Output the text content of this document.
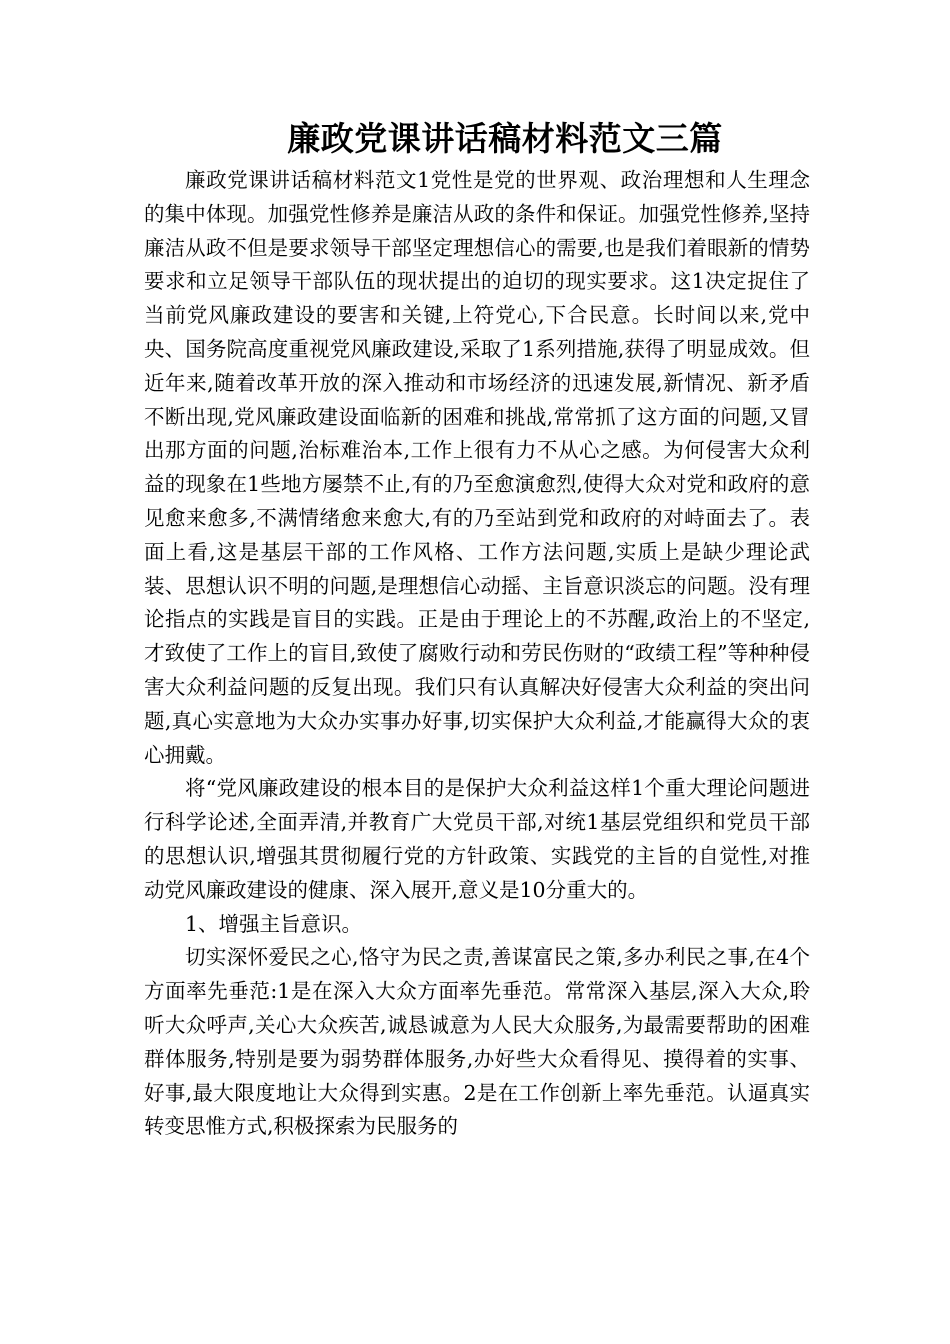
廉政党课讲话稿材料范文三篇

廉政党课讲话稿材料范文1党性是党的世界观、政治理想和人生理念的集中体现。加强党性修养是廉洁从政的条件和保证。加强党性修养,坚持廉洁从政不但是要求领导干部坚定理想信心的需要,也是我们着眼新的情势要求和立足领导干部队伍的现状提出的迫切的现实要求。这1决定捉住了当前党风廉政建设的要害和关键,上符党心,下合民意。长时间以来,党中央、国务院高度重视党风廉政建设,采取了1系列措施,获得了明显成效。但近年来,随着改革开放的深入推动和市场经济的迅速发展,新情况、新矛盾不断出现,党风廉政建设面临新的困难和挑战,常常抓了这方面的问题,又冒出那方面的问题,治标难治本,工作上很有力不从心之感。为何侵害大众利益的现象在1些地方屡禁不止,有的乃至愈演愈烈,使得大众对党和政府的意见愈来愈多,不满情绪愈来愈大,有的乃至站到党和政府的对峙面去了。表面上看,这是基层干部的工作风格、工作方法问题,实质上是缺少理论武装、思想认识不明的问题,是理想信心动摇、主旨意识淡忘的问题。没有理论指点的实践是盲目的实践。正是由于理论上的不苏醒,政治上的不坚定,才致使了工作上的盲目,致使了腐败行动和劳民伤财的“政绩工程”等种种侵害大众利益问题的反复出现。我们只有认真解决好侵害大众利益的突出问题,真心实意地为大众办实事办好事,切实保护大众利益,才能赢得大众的衷心拥戴。

将“党风廉政建设的根本目的是保护大众利益这样1个重大理论问题进行科学论述,全面弄清,并教育广大党员干部,对统1基层党组织和党员干部的思想认识,增强其贯彻履行党的方针政策、实践党的主旨的自觉性,对推动党风廉政建设的健康、深入展开,意义是10分重大的。

1、增强主旨意识。

切实深怀爱民之心,恪守为民之责,善谋富民之策,多办利民之事,在4个方面率先垂范:1是在深入大众方面率先垂范。常常深入基层,深入大众,聆听大众呼声,关心大众疾苦,诚恳诚意为人民大众服务,为最需要帮助的困难群体服务,特别是要为弱势群体服务,办好些大众看得见、摸得着的实事、好事,最大限度地让大众得到实惠。2是在工作创新上率先垂范。认逼真实转变思惟方式,积极探索为民服务的
